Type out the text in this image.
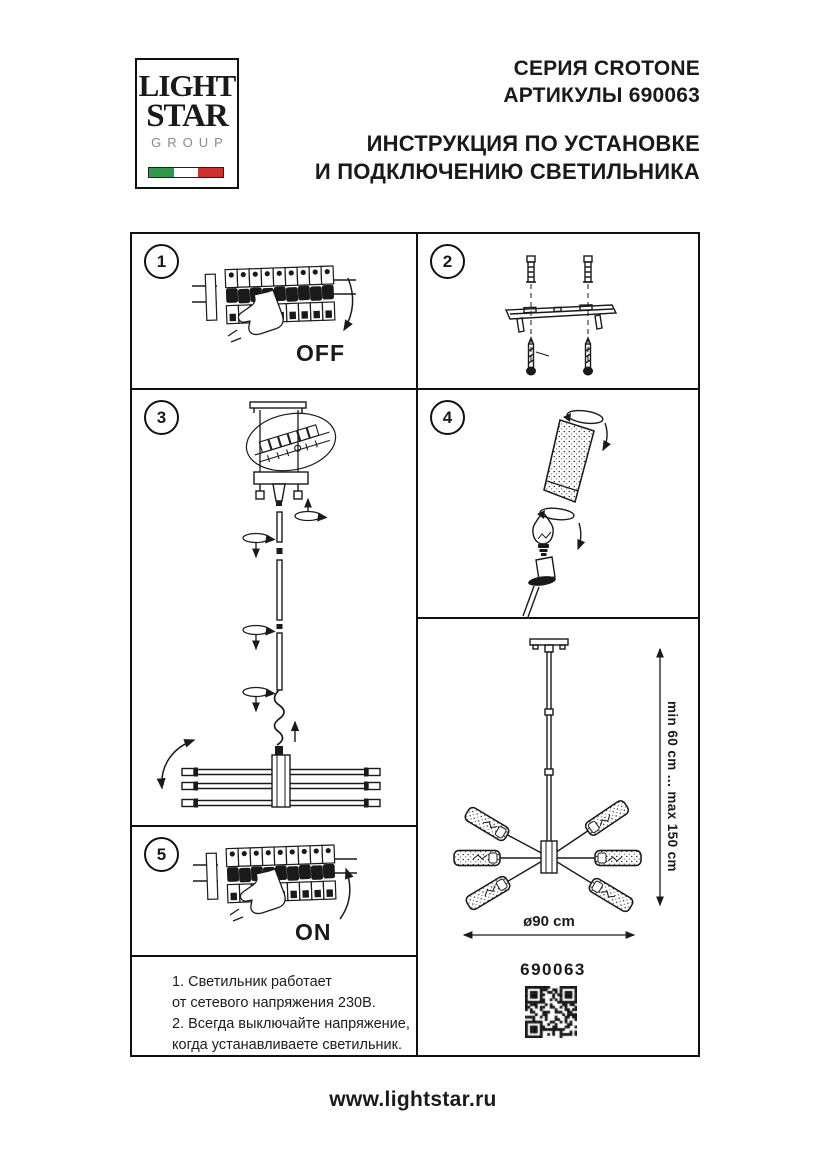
LIGHT
STAR
GROUP
СЕРИЯ CROTONE
АРТИКУЛЫ 690063
ИНСТРУКЦИЯ ПО УСТАНОВКЕ
И ПОДКЛЮЧЕНИЮ СВЕТИЛЬНИКА
1
OFF
2
3	4
5
ON
1. Светильник работает
от сетевого напряжения 230В.
2. Всегда выключайте напряжение,
когда устанавливаете светильник.
min 60 cm ... max 150 cm
ø90 cm
690063
www.lightstar.ru
